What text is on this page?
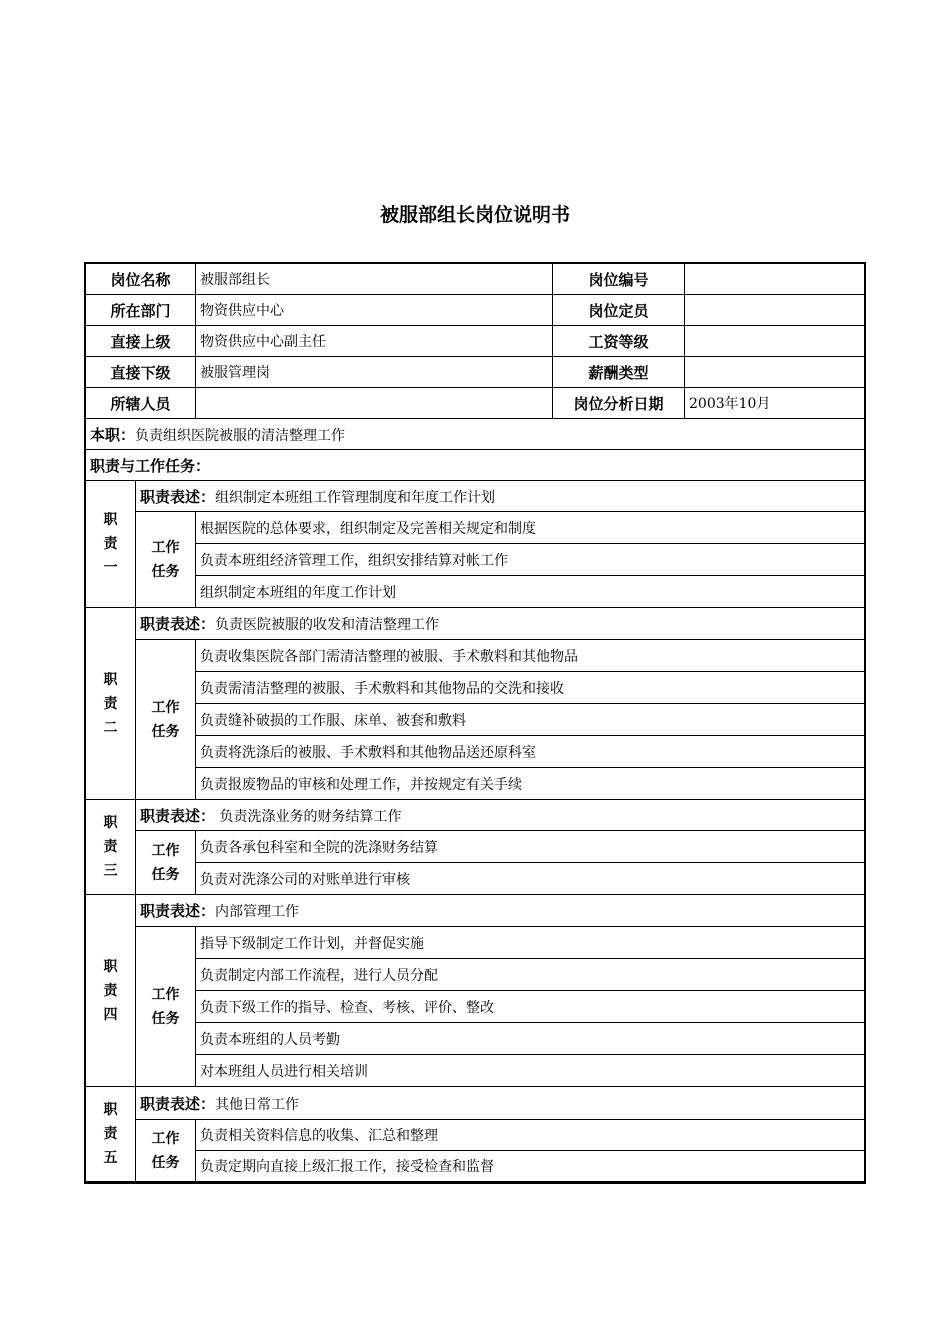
被服部组长岗位说明书
岗位名称		被服部组长	岗位编号	
所在部门		物资供应中心	岗位定员	
直接上级		物资供应中心副主任	工资等级	
直接下级		被服管理岗	薪酬类型	
所辖人员			岗位分析日期	2003年10月
本职：负责组织医院被服的清洁整理工作				
职责与工作任务：				

职
责
一	职责表述：组织制定本班组工作管理制度和年度工作计划			

	工作
任务	根据医院的总体要求，组织制定及完善相关规定和制度		
		负责本班组经济管理工作，组织安排结算对帐工作		
		组织制定本班组的年度工作计划		

职
责
二	职责表述：负责医院被服的收发和清洁整理工作			

	工作
任务	负责收集医院各部门需清洁整理的被服、手术敷料和其他物品		
		负责需清洁整理的被服、手术敷料和其他物品的交洗和接收		
		负责缝补破损的工作服、床单、被套和敷料		
		负责将洗涤后的被服、手术敷料和其他物品送还原科室		
		负责报废物品的审核和处理工作，并按规定有关手续		

职
责
三	职责表述： 负责洗涤业务的财务结算工作			

	工作
任务	负责各承包科室和全院的洗涤财务结算		
		负责对洗涤公司的对账单进行审核		

职
责
四	职责表述：内部管理工作			

	工作
任务	指导下级制定工作计划，并督促实施		
		负责制定内部工作流程，进行人员分配		
		负责下级工作的指导、检查、考核、评价、整改		
		负责本班组的人员考勤		
		对本班组人员进行相关培训		

职
责
五	职责表述：其他日常工作			

	工作
任务	负责相关资料信息的收集、汇总和整理		
		负责定期向直接上级汇报工作，接受检查和监督		
